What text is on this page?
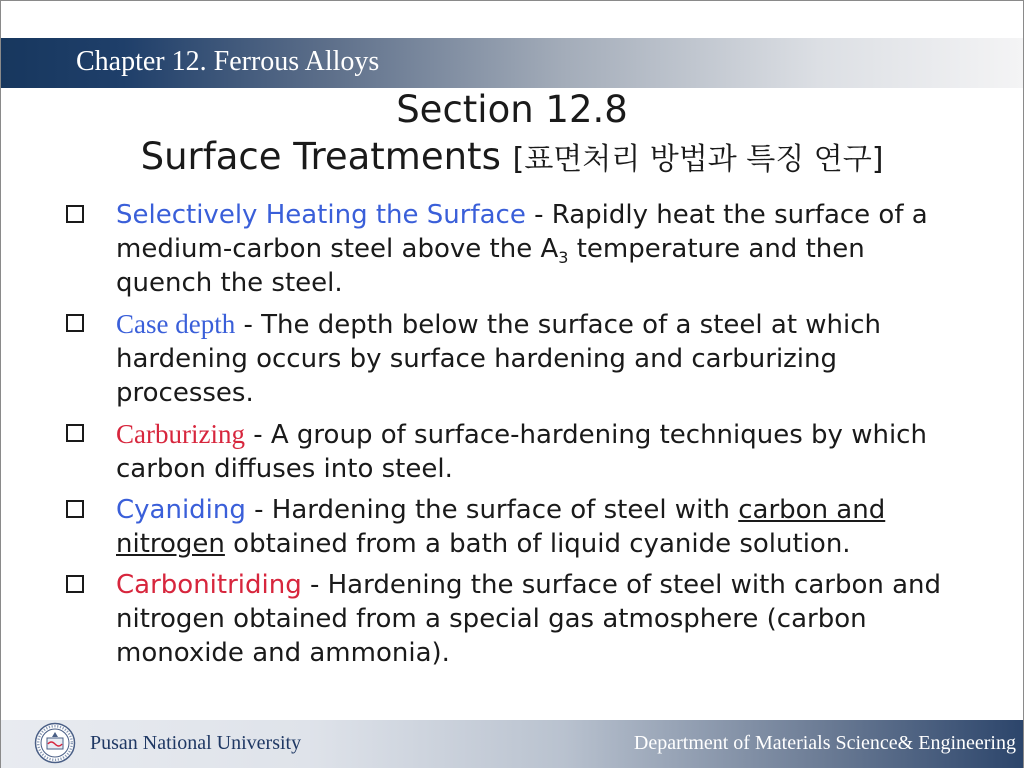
Chapter 12. Ferrous Alloys
Section 12.8
Surface Treatments [표면처리 방법과 특징 연구]
Selectively Heating the Surface - Rapidly heat the surface of a medium-carbon steel above the $A_3$ temperature and then quench the steel.
Case depth - The depth below the surface of a steel at which hardening occurs by surface hardening and carburizing processes.
Carburizing - A group of surface-hardening techniques by which carbon diffuses into steel.
Cyaniding - Hardening the surface of steel with carbon and nitrogen obtained from a bath of liquid cyanide solution.
Carbonitriding - Hardening the surface of steel with carbon and nitrogen obtained from a special gas atmosphere (carbon monoxide and ammonia).
Pusan National University	Department of Materials Science& Engineering
